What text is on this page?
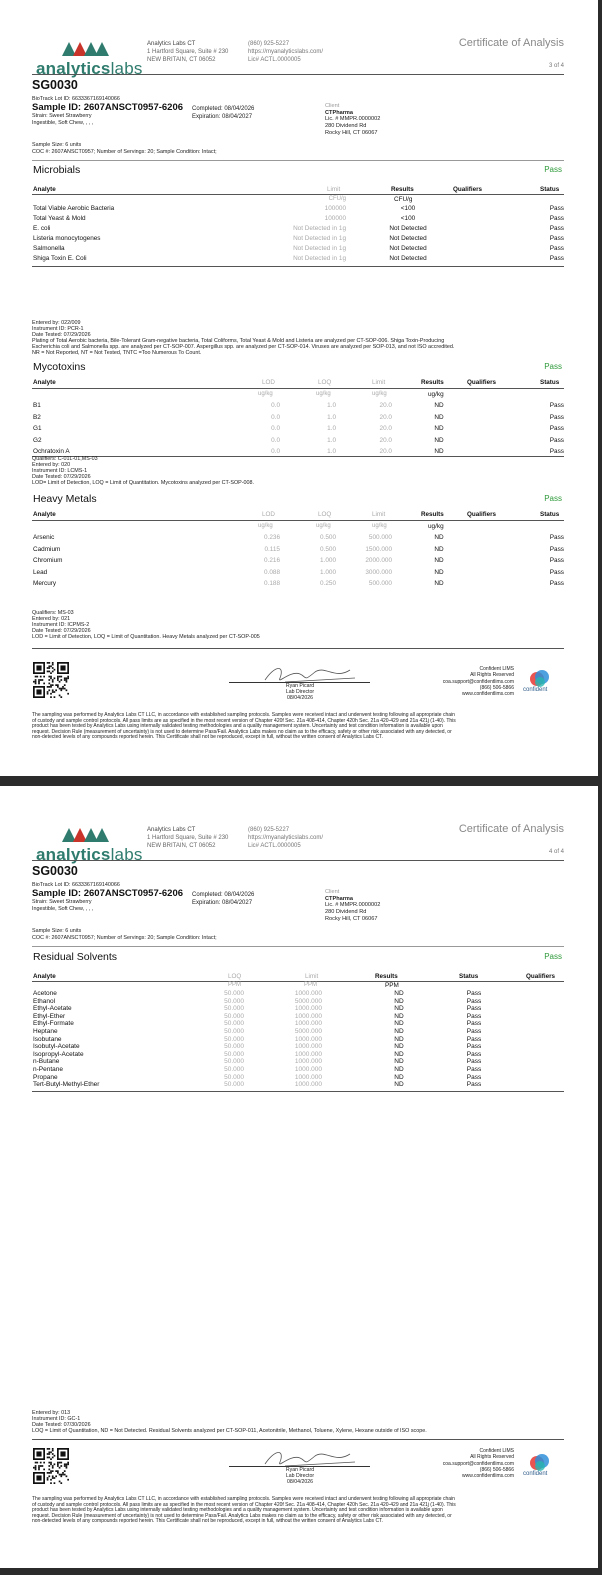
analyticslabs
Analytics Labs CT
1 Hartford Square, Suite # 230
NEW BRITAIN, CT 06052
(860) 925-5227
https://myanalyticslabs.com/
Lic# ACTL.0000005
Certificate of Analysis
3 of 4
SG0030
BioTrack Lot ID: 6633367169140066
Sample ID: 2607ANSCT0957-6206
Strain: Sweet Strawberry
Ingestible, Soft Chew, , , ,
Completed: 08/04/2026
Expiration: 08/04/2027
Client
CTPharma
Lic. # MMPR.0000002
280 Dividend Rd
Rocky Hill, CT 06067
Sample Size: 6 units
COC #: 2607ANSCT0957; Number of Servings: 20; Sample Condition: Intact;
Microbials	Pass
Analyte	Limit	Results	Qualifiers	Status
CFU/g	CFU/g
Total Viable Aerobic Bacteria	100000	<100	Pass
Total Yeast & Mold	100000	<100	Pass
E. coli	Not Detected in 1g	Not Detected	Pass
Listeria monocytogenes	Not Detected in 1g	Not Detected	Pass
Salmonella	Not Detected in 1g	Not Detected	Pass
Shiga Toxin E. Coli	Not Detected in 1g	Not Detected	Pass
Entered by: 022/009
Instrument ID: PCR-1
Date Tested: 07/29/2026
Plating of Total Aerobic bacteria, Bile-Tolerant Gram-negative bacteria, Total Coliforms, Total Yeast & Mold and Listeria are analyzed per CT-SOP-006. Shiga Toxin-Producing
Escherichia coli and Salmonella spp. are analyzed per CT-SOP-007. Aspergillus spp. are analyzed per CT-SOP-014. Viruses are analyzed per SOP-013, and not ISO accredited.
NR = Not Reported, NT = Not Tested, TNTC =Too Numerous To Count.
Mycotoxins	Pass
Analyte	LOD	LOQ	Limit	Results	Qualifiers	Status
ug/kg	ug/kg	ug/kg	ug/kg
B1	0.0	1.0	20.0	ND	Pass
B2	0.0	1.0	20.0	ND	Pass
G1	0.0	1.0	20.0	ND	Pass
G2	0.0	1.0	20.0	ND	Pass
Ochratoxin A	0.0	1.0	20.0	ND	Pass
Qualifiers: C-01L-01,MS-03
Entered by: 020
Instrument ID: LCMS-1
Date Tested: 07/29/2026
LOD= Limit of Detection, LOQ = Limit of Quantitation. Mycotoxins analyzed per CT-SOP-008.
Heavy Metals	Pass
Analyte	LOD	LOQ	Limit	Results	Qualifiers	Status
ug/kg	ug/kg	ug/kg	ug/kg
Arsenic	0.236	0.500	500.000	ND	Pass
Cadmium	0.115	0.500	1500.000	ND	Pass
Chromium	0.216	1.000	2000.000	ND	Pass
Lead	0.088	1.000	3000.000	ND	Pass
Mercury	0.188	0.250	500.000	ND	Pass
Qualifiers: MS-03
Entered by: 021
Instrument ID: ICPMS-2
Date Tested: 07/29/2026
LOD = Limit of Detection, LOQ = Limit of Quantitation. Heavy Metals analyzed per CT-SOP-005
Ryan Picard
Lab Director
08/04/2026
Confident LIMS
All Rights Reserved
coa.support@confidentlims.com
(866) 506-5866
www.confidentlims.com
confident
The sampling was performed by Analytics Labs CT LLC, in accordance with established sampling protocols. Samples were received intact and underwent testing following all appropriate chain
of custody and sample control protocols. All pass limits are as specified in the most recent version of Chapter 420f Sec. 21a 408-414, Chapter 420h Sec. 21a 420-429 and 21a 421j (1-40). This
product has been tested by Analytics Labs using internally validated testing methodologies and a quality management system. Uncertainty and test condition information is available upon
request. Decision Rule (measurement of uncertainty) is not used to determine Pass/Fail. Analytics Labs makes no claim as to the efficacy, safety or other risk associated with any detected, or
non-detected levels of any compounds reported herein. This Certificate shall not be reproduced, except in full, without the written consent of Analytics Labs CT.
analyticslabs
Analytics Labs CT
1 Hartford Square, Suite # 230
NEW BRITAIN, CT 06052
(860) 925-5227
https://myanalyticslabs.com/
Lic# ACTL.0000005
Certificate of Analysis
4 of 4
SG0030
BioTrack Lot ID: 6633367169140066
Sample ID: 2607ANSCT0957-6206
Strain: Sweet Strawberry
Ingestible, Soft Chew, , , ,
Completed: 08/04/2026
Expiration: 08/04/2027
Client
CTPharma
Lic. # MMPR.0000002
280 Dividend Rd
Rocky Hill, CT 06067
Sample Size: 6 units
COC #: 2607ANSCT0957; Number of Servings: 20; Sample Condition: Intact;
Residual Solvents	Pass
Analyte	LOQ	Limit	Results	Status	Qualifiers
PPM	PPM	PPM
Acetone	50.000	1000.000	ND	Pass
Ethanol	50.000	5000.000	ND	Pass
Ethyl-Acetate	50.000	1000.000	ND	Pass
Ethyl-Ether	50.000	1000.000	ND	Pass
Ethyl-Formate	50.000	1000.000	ND	Pass
Heptane	50.000	5000.000	ND	Pass
Isobutane	50.000	1000.000	ND	Pass
Isobutyl-Acetate	50.000	1000.000	ND	Pass
Isopropyl-Acetate	50.000	1000.000	ND	Pass
n-Butane	50.000	1000.000	ND	Pass
n-Pentane	50.000	1000.000	ND	Pass
Propane	50.000	1000.000	ND	Pass
Tert-Butyl-Methyl-Ether	50.000	1000.000	ND	Pass
Entered by: 013
Instrument ID: GC-1
Date Tested: 07/30/2026
LOQ = Limit of Quantitation, ND = Not Detected. Residual Solvents analyzed per CT-SOP-011, Acetonitrile, Methanol, Toluene, Xylene, Hexane outside of ISO scope.
Ryan Picard
Lab Director
08/04/2026
Confident LIMS
All Rights Reserved
coa.support@confidentlims.com
(866) 506-5866
www.confidentlims.com confident
The sampling was performed by Analytics Labs CT LLC, in accordance with established sampling protocols. Samples were received intact and underwent testing following all appropriate chain
of custody and sample control protocols. All pass limits are as specified in the most recent version of Chapter 420f Sec. 21a 408-414, Chapter 420h Sec. 21a 420-429 and 21a 421j (1-40). This
product has been tested by Analytics Labs using internally validated testing methodologies and a quality management system. Uncertainty and test condition information is available upon
request. Decision Rule (measurement of uncertainty) is not used to determine Pass/Fail. Analytics Labs makes no claim as to the efficacy, safety or other risk associated with any detected, or
non-detected levels of any compounds reported herein. This Certificate shall not be reproduced, except in full, without the written consent of Analytics Labs CT.
